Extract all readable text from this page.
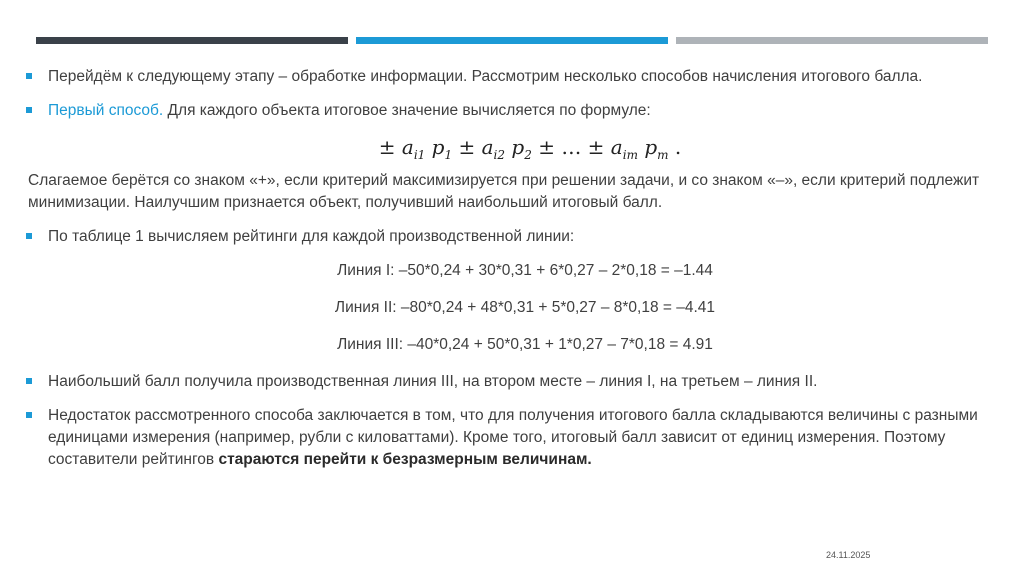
Перейдём к следующему этапу – обработке информации. Рассмотрим несколько способов начисления итогового балла.
Первый способ. Для каждого объекта итоговое значение вычисляется по формуле:
± $a_{i1}$ $p_1 \pm a_{i2}$ $p_2$ ± … ± $a_{im}$ $p_m$ .
Слагаемое берётся со знаком «+», если критерий максимизируется при решении задачи, и со знаком «–», если критерий подлежит минимизации. Наилучшим признается объект, получивший наибольший итоговый балл.
По таблице 1 вычисляем рейтинги для каждой производственной линии:
Линия I: –50*0,24 + 30*0,31 + 6*0,27 – 2*0,18 = –1.44
Линия II: –80*0,24 + 48*0,31 + 5*0,27 – 8*0,18 = –4.41
Линия III: –40*0,24 + 50*0,31 + 1*0,27 – 7*0,18 = 4.91
Наибольший балл получила производственная линия III, на втором месте – линия I, на третьем – линия II.
Недостаток рассмотренного способа заключается в том, что для получения итогового балла складываются величины с разными единицами измерения (например, рубли с киловаттами). Кроме того, итоговый балл зависит от единиц измерения. Поэтому составители рейтингов стараются перейти к безразмерным величинам.
24.11.2025
